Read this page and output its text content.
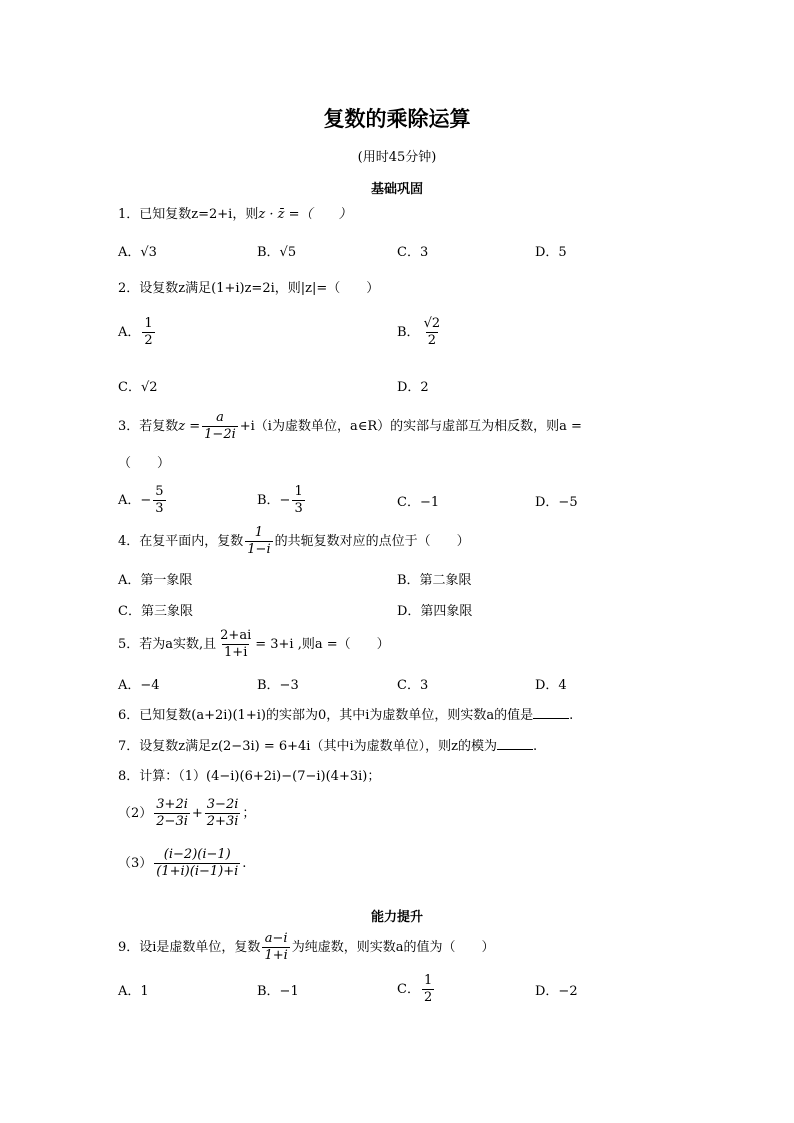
复数的乘除运算
(用时45分钟)
基础巩固
1．已知复数z=2+i，则z · z̄ =（　　）
A．√3	B．√5	C．3	D．5
2．设复数z满足(1+i)z=2i，则|z|=（　　）
A． $\frac{1}{2}$	B． $\frac{√2}{2}$
C．√2	D．2
3．若复数$z = \frac{a}{1-2i} +i(i$为虚数单位，a∈R）的实部与虚部互为相反数，则a =
（　　）
A．− $\frac{5}{3}$	B．− $\frac{1}{3}$	C．−1	D．−5
4．在复平面内，复数 $\frac{1}{1-i}$ 的共轭复数对应的点位于（　　）
A．第一象限	B．第二象限
C．第三象限	D．第四象限
5．若为a实数,且 $\frac{2+ai}{1+i} = 3+i$ ,则a =（　　）
A．−4	B．−3	C．3	D．4
6．已知复数(a+2i)(1+i)的实部为0，其中i为虚数单位，则实数a的值是	.
7．设复数z满足z(2−3i) = 6+4i（其中i为虚数单位），则z的模为	.
8．计算：（1）(4−i)(6+2i)−(7−i)(4+3i)；
$(2) \frac{3+2i}{2-3i} + \frac{3-2i}{2+3i}$ ；
$(3) \frac{(i-2)(i-1)}{(1+i)(i-1)+i}$ .
能力提升
9．设i是虚数单位，复数 $\frac{a-i}{1+i}$ 为纯虚数，则实数a的值为（　　）
A．1	B．−1	C． $\frac{1}{2}$	D．−2
